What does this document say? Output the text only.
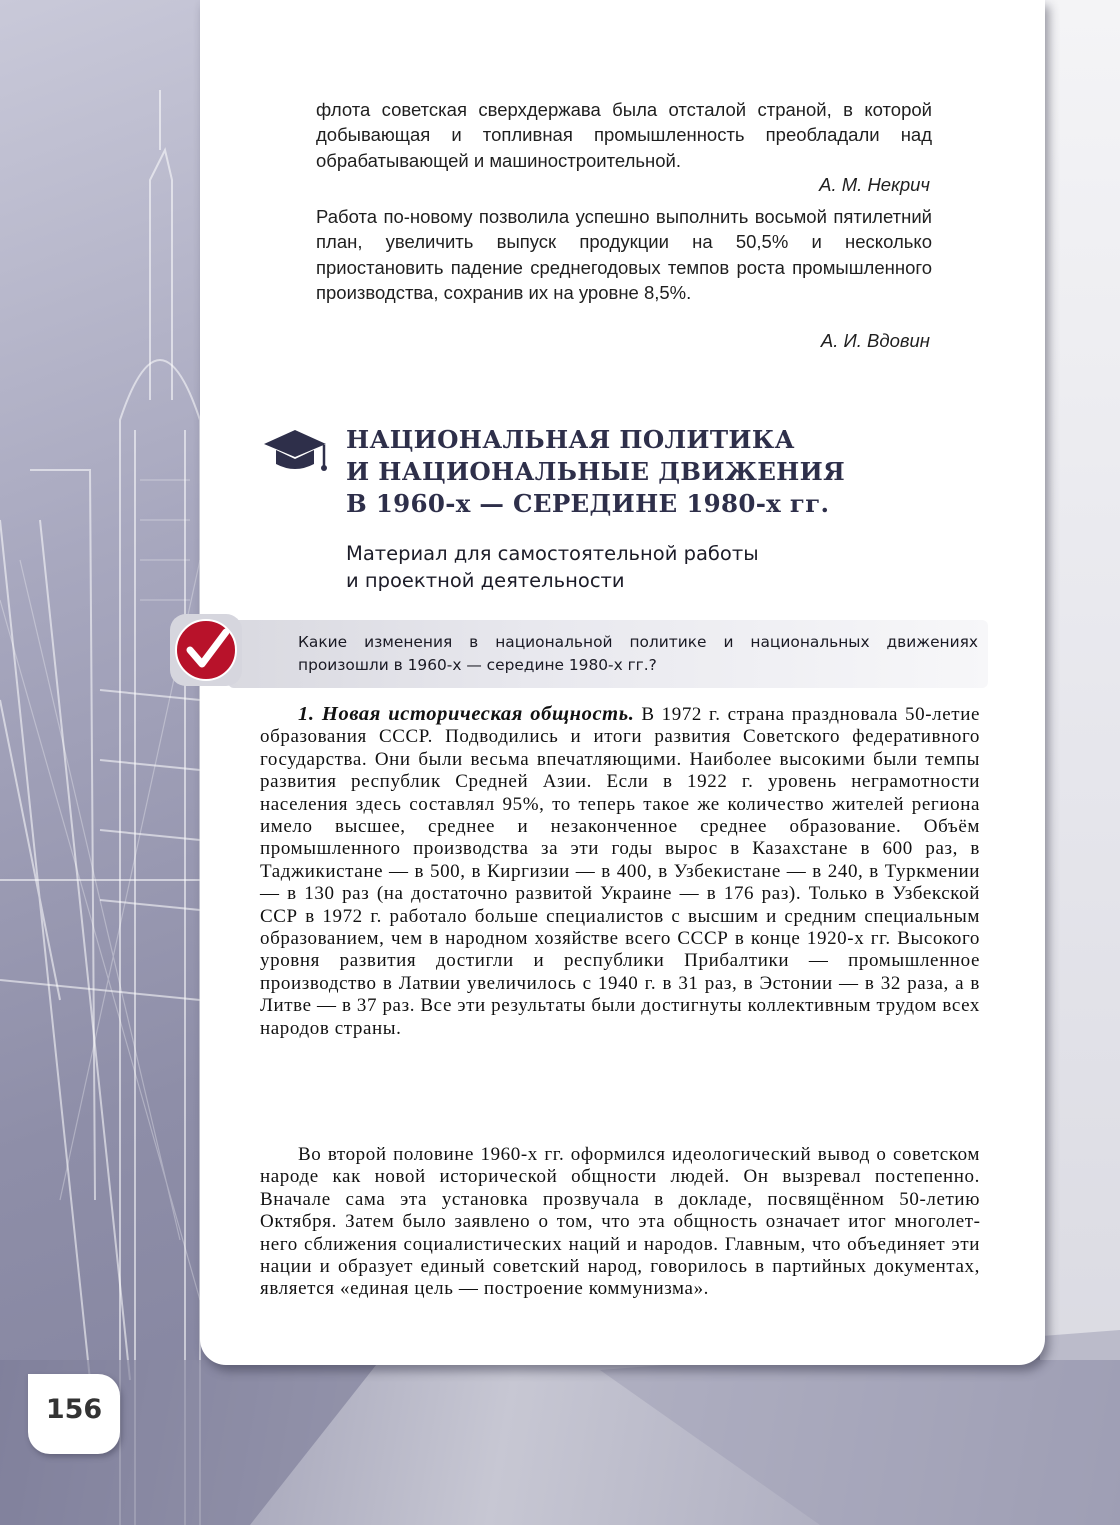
флота советская сверхдержава была отсталой страной, в которой добывающая и топливная промышленность преобладали над обрабатывающей и машиностроительной.
А. М. Некрич
Работа по-новому позволила успешно выполнить восьмой пятилетний план, увеличить выпуск продукции на 50,5% и несколько приостановить падение среднегодовых темпов роста промышленного производства, сохранив их на уровне 8,5%.
А. И. Вдовин
НАЦИОНАЛЬНАЯ ПОЛИТИКА
И НАЦИОНАЛЬНЫЕ ДВИЖЕНИЯ
В 1960-х — СЕРЕДИНЕ 1980-х гг.
Материал для самостоятельной работы
и проектной деятельности
Какие изменения в национальной политике и национальных движениях произошли в 1960-х — середине 1980-х гг.?
1. Новая историческая общность. В 1972 г. страна праздновала 50-летие образования СССР. Подводились и итоги развития Советского федеративного государства. Они были весьма впечатляющими. Наиболее высокими были темпы развития республик Средней Азии. Если в 1922 г. уровень неграмотности населения здесь составлял 95%, то теперь такое же количество жителей региона имело высшее, среднее и незаконченное среднее образование. Объём промышленного производства за эти годы вырос в Казахстане в 600 раз, в Таджикистане — в 500, в Киргизии — в 400, в Узбекистане — в 240, в Туркмении — в 130 раз (на достаточно развитой Украине — в 176 раз). Только в Узбекской ССР в 1972 г. работало больше специалистов с высшим и средним специальным образованием, чем в народном хозяйстве всего СССР в конце 1920-х гг. Высокого уровня развития достигли и республики Прибалтики — промышленное производство в Латвии увеличилось с 1940 г. в 31 раз, в Эстонии — в 32 раза, а в Литве — в 37 раз. Все эти результаты были достигнуты коллективным трудом всех народов страны.
Во второй половине 1960-х гг. оформился идеологический вывод о советском народе как новой исторической общности людей. Он вызревал постепенно. Вначале сама эта установка прозвучала в докладе, посвящённом 50-летию Октября. Затем было заявлено о том, что эта общность означает итог многолетнего сближения социалистических наций и народов. Главным, что объединяет эти нации и образует единый советский народ, говорилось в партийных документах, является «единая цель — построение коммунизма».
156
